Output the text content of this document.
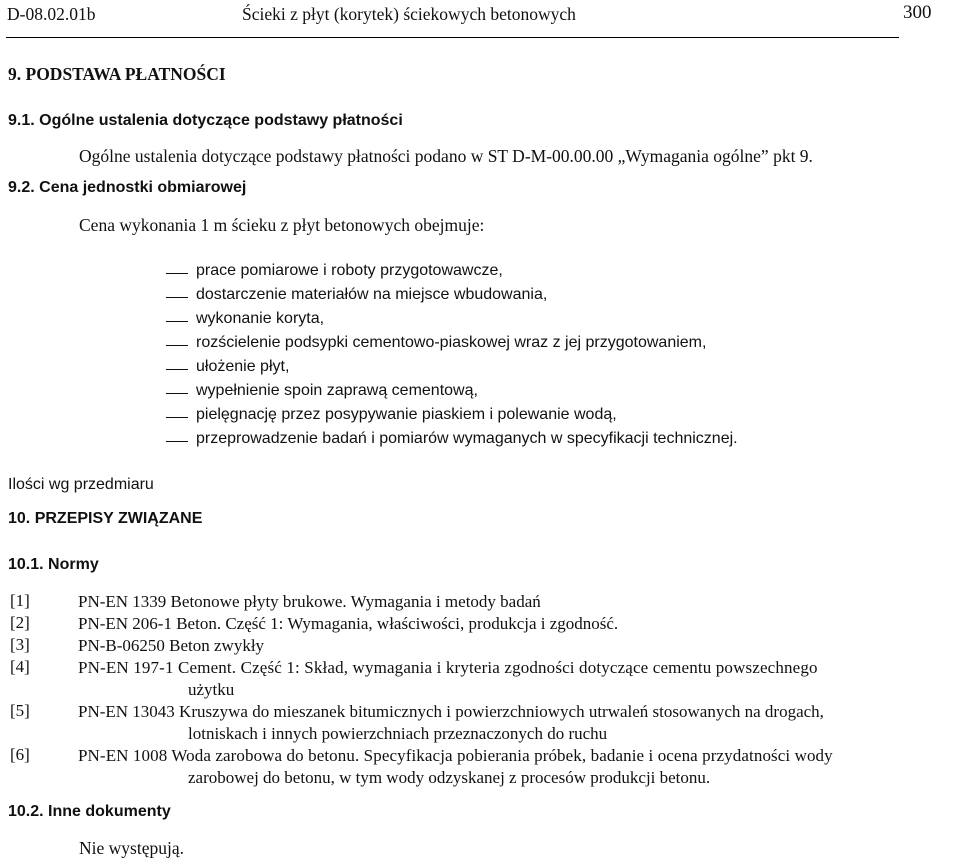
D-08.02.01b	Ścieki z płyt (korytek) ściekowych betonowych	300
9. PODSTAWA PŁATNOŚCI
9.1. Ogólne ustalenia dotyczące podstawy płatności
Ogólne ustalenia dotyczące podstawy płatności podano w ST D-M-00.00.00 „Wymagania ogólne” pkt 9.
9.2. Cena jednostki obmiarowej
Cena wykonania 1 m ścieku z płyt betonowych obejmuje:
prace pomiarowe i roboty przygotowawcze,
dostarczenie materiałów na miejsce wbudowania,
wykonanie koryta,
rozścielenie podsypki cementowo-piaskowej wraz z jej przygotowaniem,
ułożenie płyt,
wypełnienie spoin zaprawą cementową,
pielęgnację przez posypywanie piaskiem i polewanie wodą,
przeprowadzenie badań i pomiarów wymaganych w specyfikacji technicznej.
Ilości wg przedmiaru
10. PRZEPISY ZWIĄZANE
10.1. Normy
[1]	PN-EN 1339 Betonowe płyty brukowe. Wymagania i metody badań
[2]	PN-EN 206-1 Beton. Część 1: Wymagania, właściwości, produkcja i zgodność.
[3]	PN-B-06250 Beton zwykły
[4]	PN-EN 197-1 Cement. Część 1: Skład, wymagania i kryteria zgodności dotyczące cementu powszechnego
użytku
[5]	PN-EN 13043 Kruszywa do mieszanek bitumicznych i powierzchniowych utrwaleń stosowanych na drogach,
lotniskach i innych powierzchniach przeznaczonych do ruchu
[6]	PN-EN 1008 Woda zarobowa do betonu. Specyfikacja pobierania próbek, badanie i ocena przydatności wody
zarobowej do betonu, w tym wody odzyskanej z procesów produkcji betonu.
10.2. Inne dokumenty
Nie występują.
